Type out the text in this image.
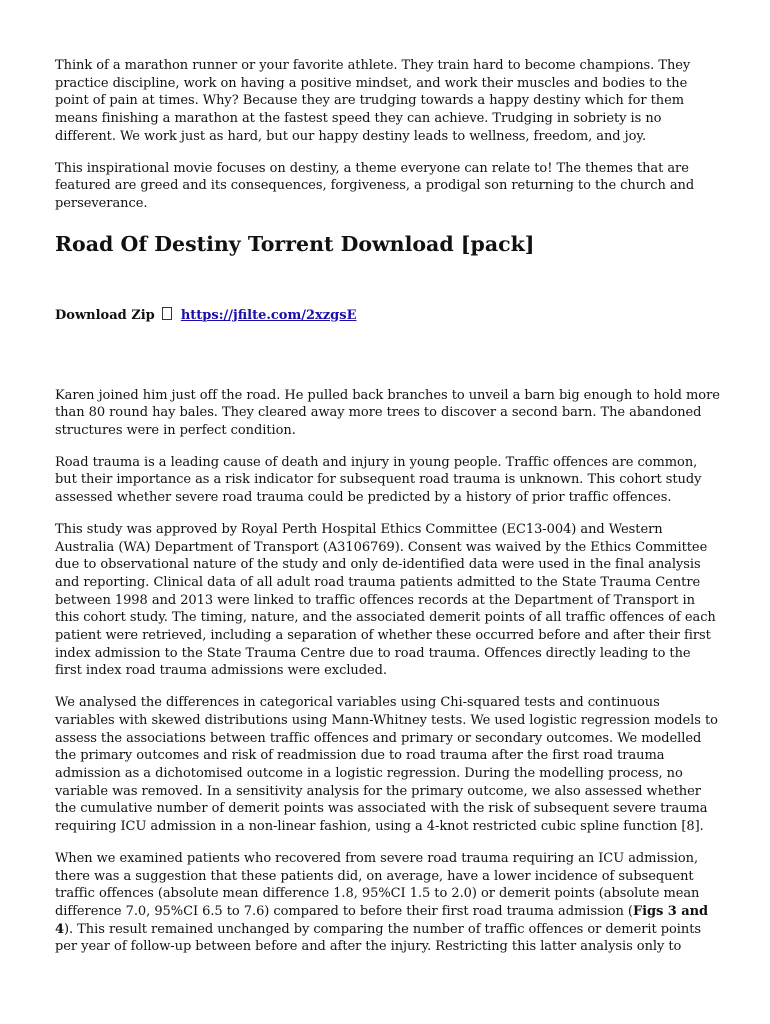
Think of a marathon runner or your favorite athlete. They train hard to become champions. They practice discipline, work on having a positive mindset, and work their muscles and bodies to the point of pain at times. Why? Because they are trudging towards a happy destiny which for them means finishing a marathon at the fastest speed they can achieve. Trudging in sobriety is no different. We work just as hard, but our happy destiny leads to wellness, freedom, and joy.

This inspirational movie focuses on destiny, a theme everyone can relate to! The themes that are featured are greed and its consequences, forgiveness, a prodigal son returning to the church and perseverance.

Road Of Destiny Torrent Download [pack]
Download Zip https://jfilte.com/2xzgsE

Karen joined him just off the road. He pulled back branches to unveil a barn big enough to hold more than 80 round hay bales. They cleared away more trees to discover a second barn. The abandoned structures were in perfect condition.

Road trauma is a leading cause of death and injury in young people. Traffic offences are common, but their importance as a risk indicator for subsequent road trauma is unknown. This cohort study assessed whether severe road trauma could be predicted by a history of prior traffic offences.

This study was approved by Royal Perth Hospital Ethics Committee (EC13-004) and Western Australia (WA) Department of Transport (A3106769). Consent was waived by the Ethics Committee due to observational nature of the study and only de-identified data were used in the final analysis and reporting. Clinical data of all adult road trauma patients admitted to the State Trauma Centre between 1998 and 2013 were linked to traffic offences records at the Department of Transport in this cohort study. The timing, nature, and the associated demerit points of all traffic offences of each patient were retrieved, including a separation of whether these occurred before and after their first index admission to the State Trauma Centre due to road trauma. Offences directly leading to the first index road trauma admissions were excluded.

We analysed the differences in categorical variables using Chi-squared tests and continuous variables with skewed distributions using Mann-Whitney tests. We used logistic regression models to assess the associations between traffic offences and primary or secondary outcomes. We modelled the primary outcomes and risk of readmission due to road trauma after the first road trauma admission as a dichotomised outcome in a logistic regression. During the modelling process, no variable was removed. In a sensitivity analysis for the primary outcome, we also assessed whether the cumulative number of demerit points was associated with the risk of subsequent severe trauma requiring ICU admission in a non-linear fashion, using a 4-knot restricted cubic spline function [8].

When we examined patients who recovered from severe road trauma requiring an ICU admission, there was a suggestion that these patients did, on average, have a lower incidence of subsequent traffic offences (absolute mean difference 1.8, 95%CI 1.5 to 2.0) or demerit points (absolute mean difference 7.0, 95%CI 6.5 to 7.6) compared to before their first road trauma admission (Figs 3 and 4). This result remained unchanged by comparing the number of traffic offences or demerit points per year of follow-up between before and after the injury. Restricting this latter analysis only to
